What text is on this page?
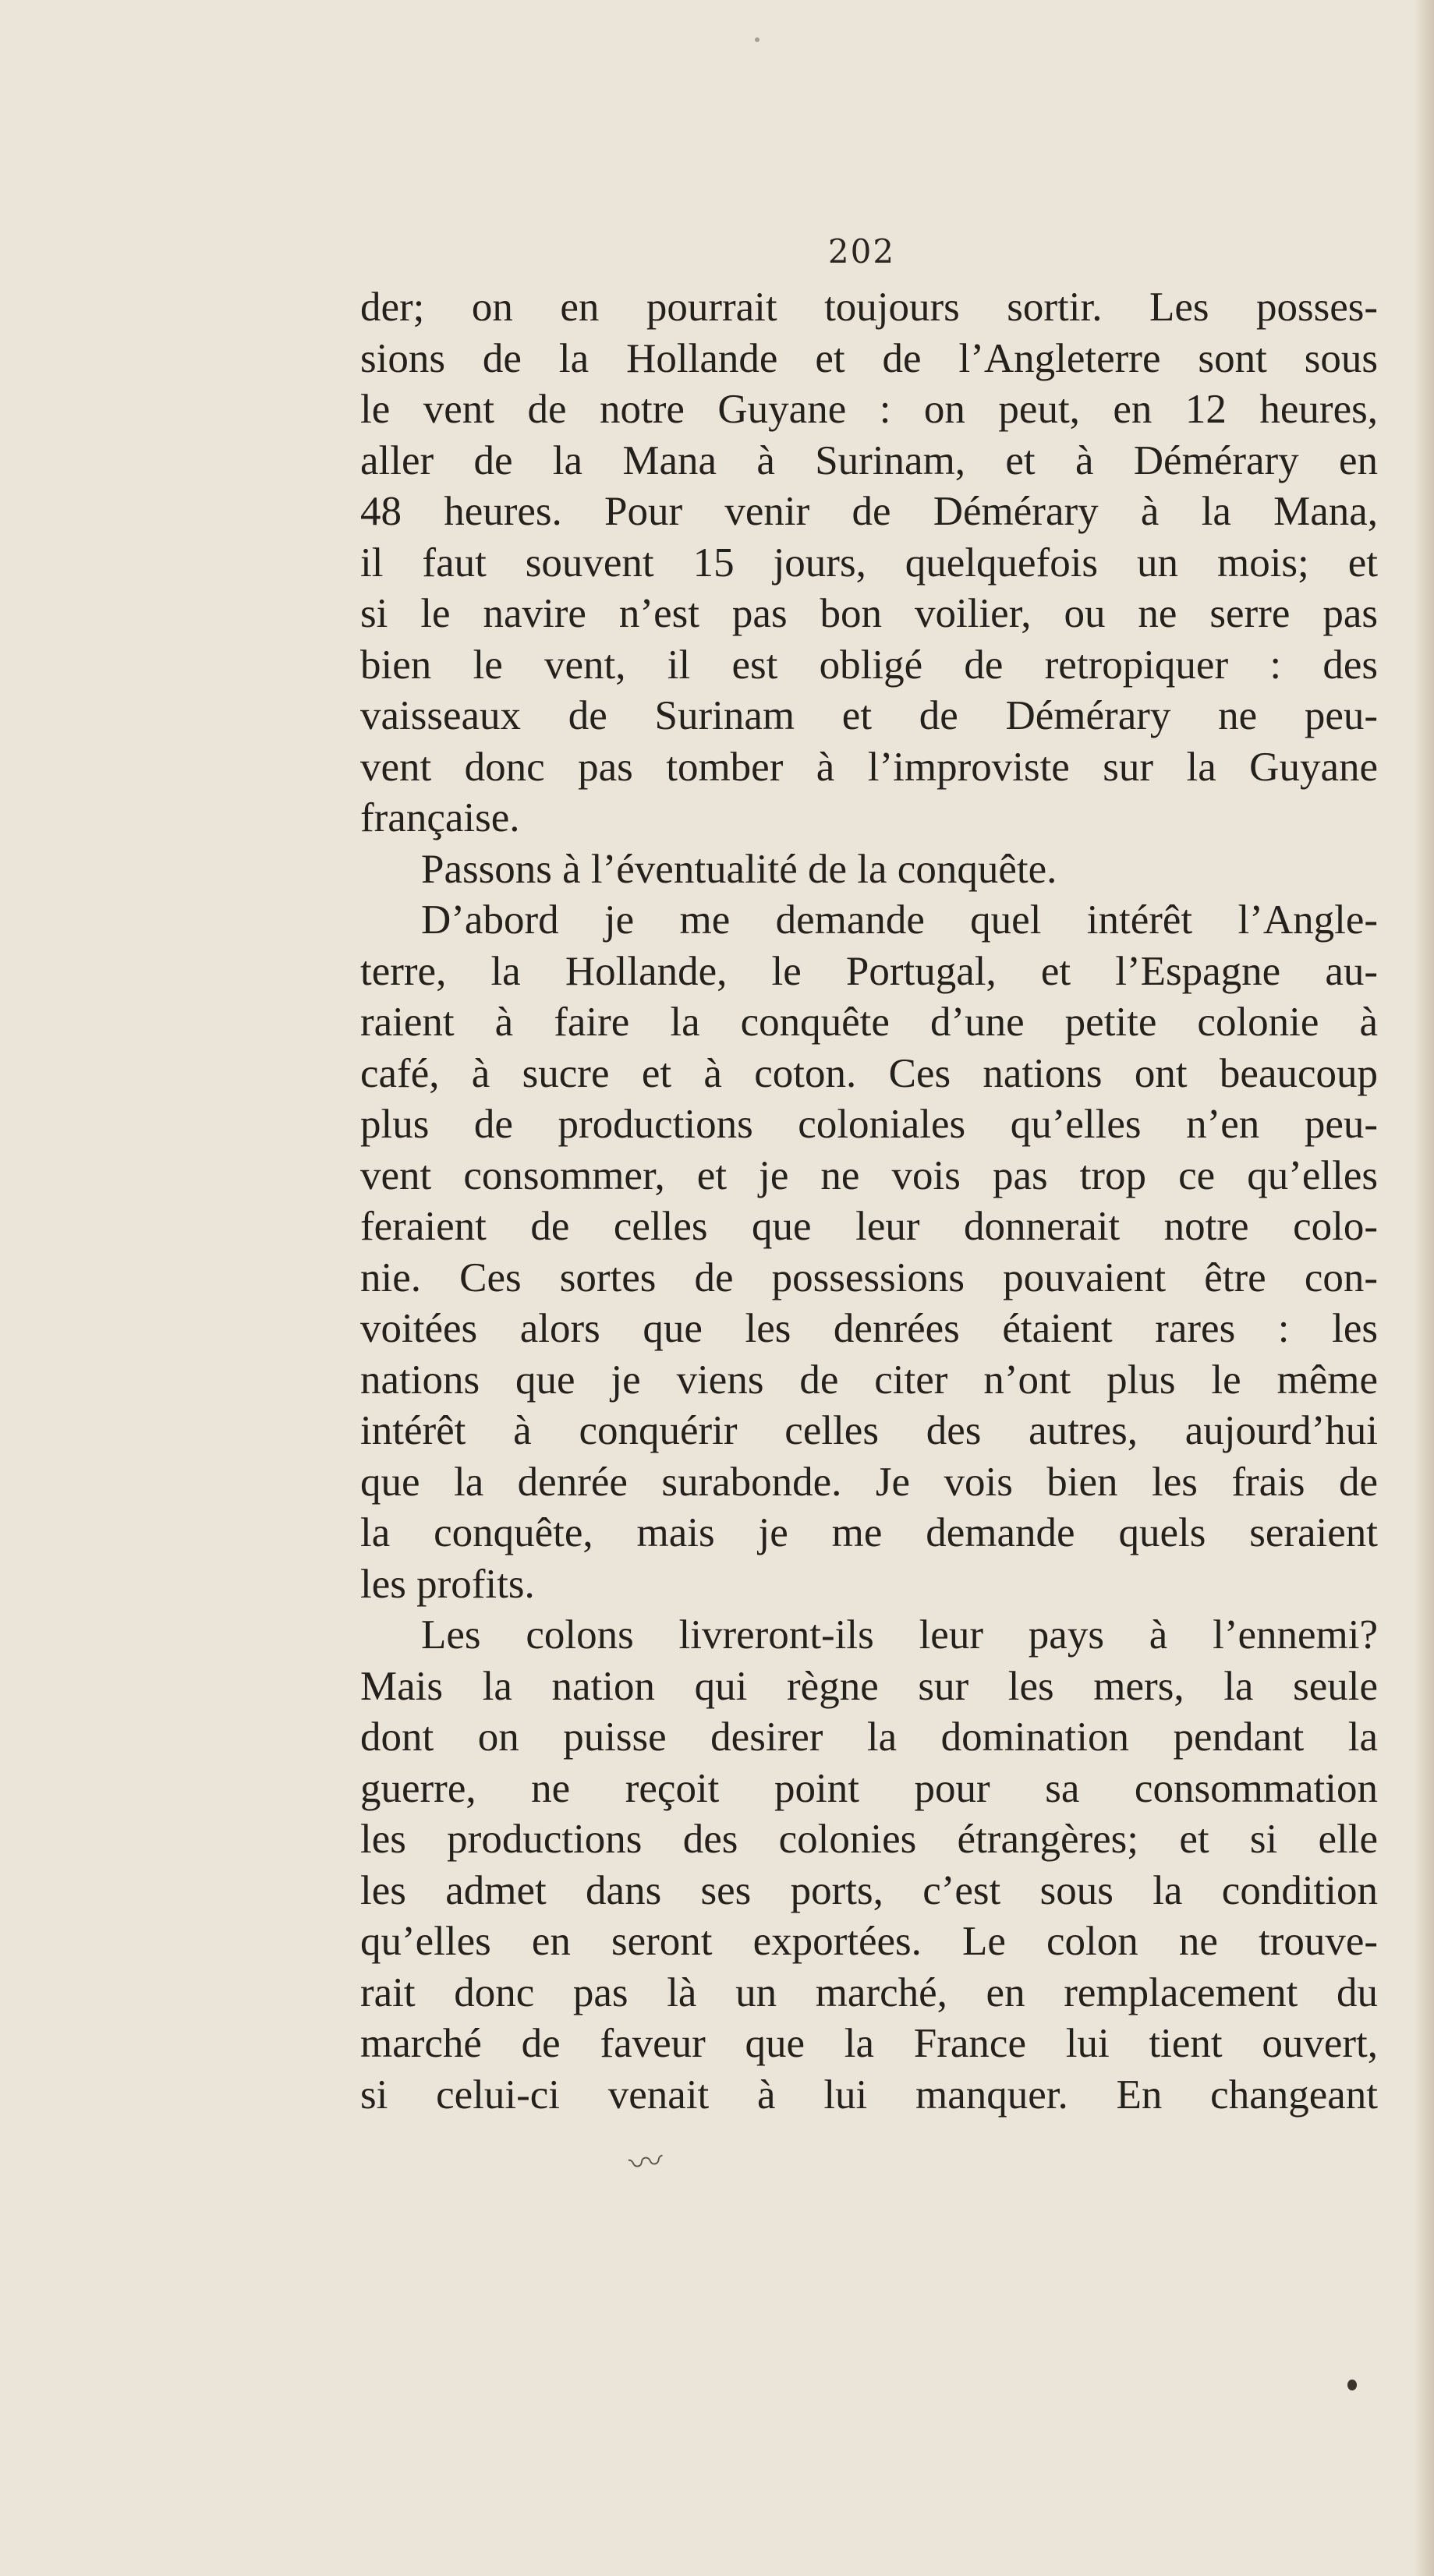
202
der; on en pourrait toujours sortir. Les posses-
sions de la Hollande et de l’Angleterre sont sous
le vent de notre Guyane : on peut, en 12 heures,
aller de la Mana à Surinam, et à Démérary en
48 heures. Pour venir de Démérary à la Mana,
il faut souvent 15 jours, quelquefois un mois; et
si le navire n’est pas bon voilier, ou ne serre pas
bien le vent, il est obligé de retropiquer : des
vaisseaux de Surinam et de Démérary ne peu-
vent donc pas tomber à l’improviste sur la Guyane
française.
Passons à l’éventualité de la conquête.
D’abord je me demande quel intérêt l’Angle-
terre, la Hollande, le Portugal, et l’Espagne au-
raient à faire la conquête d’une petite colonie à
café, à sucre et à coton. Ces nations ont beaucoup
plus de productions coloniales qu’elles n’en peu-
vent consommer, et je ne vois pas trop ce qu’elles
feraient de celles que leur donnerait notre colo-
nie. Ces sortes de possessions pouvaient être con-
voitées alors que les denrées étaient rares : les
nations que je viens de citer n’ont plus le même
intérêt à conquérir celles des autres, aujourd’hui
que la denrée surabonde. Je vois bien les frais de
la conquête, mais je me demande quels seraient
les profits.
Les colons livreront-ils leur pays à l’ennemi?
Mais la nation qui règne sur les mers, la seule
dont on puisse desirer la domination pendant la
guerre, ne reçoit point pour sa consommation
les productions des colonies étrangères; et si elle
les admet dans ses ports, c’est sous la condition
qu’elles en seront exportées. Le colon ne trouve-
rait donc pas là un marché, en remplacement du
marché de faveur que la France lui tient ouvert,
si celui-ci venait à lui manquer. En changeant
〰
